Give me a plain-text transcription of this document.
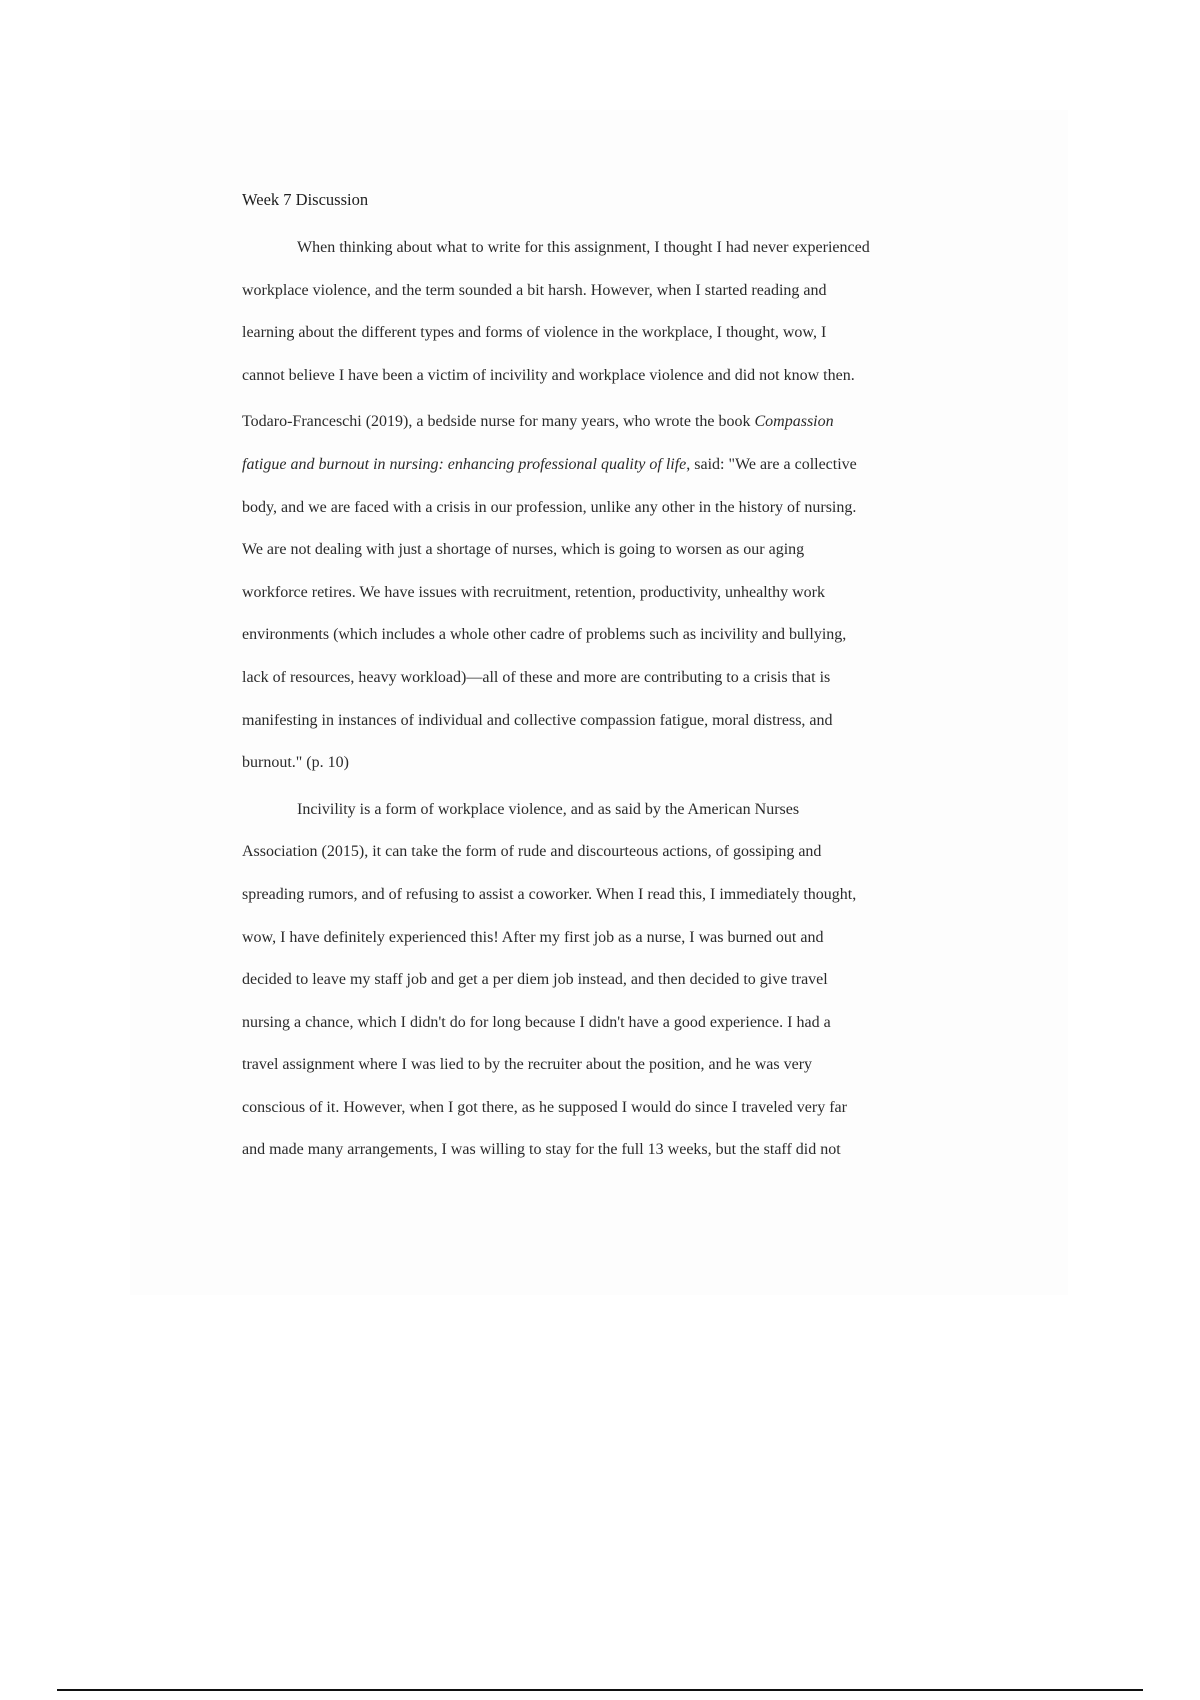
Week 7 Discussion

When thinking about what to write for this assignment, I thought I had never experienced
workplace violence, and the term sounded a bit harsh. However, when I started reading and
learning about the different types and forms of violence in the workplace, I thought, wow, I
cannot believe I have been a victim of incivility and workplace violence and did not know then.

Todaro-Franceschi (2019), a bedside nurse for many years, who wrote the book Compassion
fatigue and burnout in nursing: enhancing professional quality of life, said: "We are a collective
body, and we are faced with a crisis in our profession, unlike any other in the history of nursing.
We are not dealing with just a shortage of nurses, which is going to worsen as our aging
workforce retires. We have issues with recruitment, retention, productivity, unhealthy work
environments (which includes a whole other cadre of problems such as incivility and bullying,
lack of resources, heavy workload)—all of these and more are contributing to a crisis that is
manifesting in instances of individual and collective compassion fatigue, moral distress, and
burnout." (p. 10)

Incivility is a form of workplace violence, and as said by the American Nurses
Association (2015), it can take the form of rude and discourteous actions, of gossiping and
spreading rumors, and of refusing to assist a coworker. When I read this, I immediately thought,
wow, I have definitely experienced this! After my first job as a nurse, I was burned out and
decided to leave my staff job and get a per diem job instead, and then decided to give travel
nursing a chance, which I didn't do for long because I didn't have a good experience. I had a
travel assignment where I was lied to by the recruiter about the position, and he was very
conscious of it. However, when I got there, as he supposed I would do since I traveled very far
and made many arrangements, I was willing to stay for the full 13 weeks, but the staff did not
